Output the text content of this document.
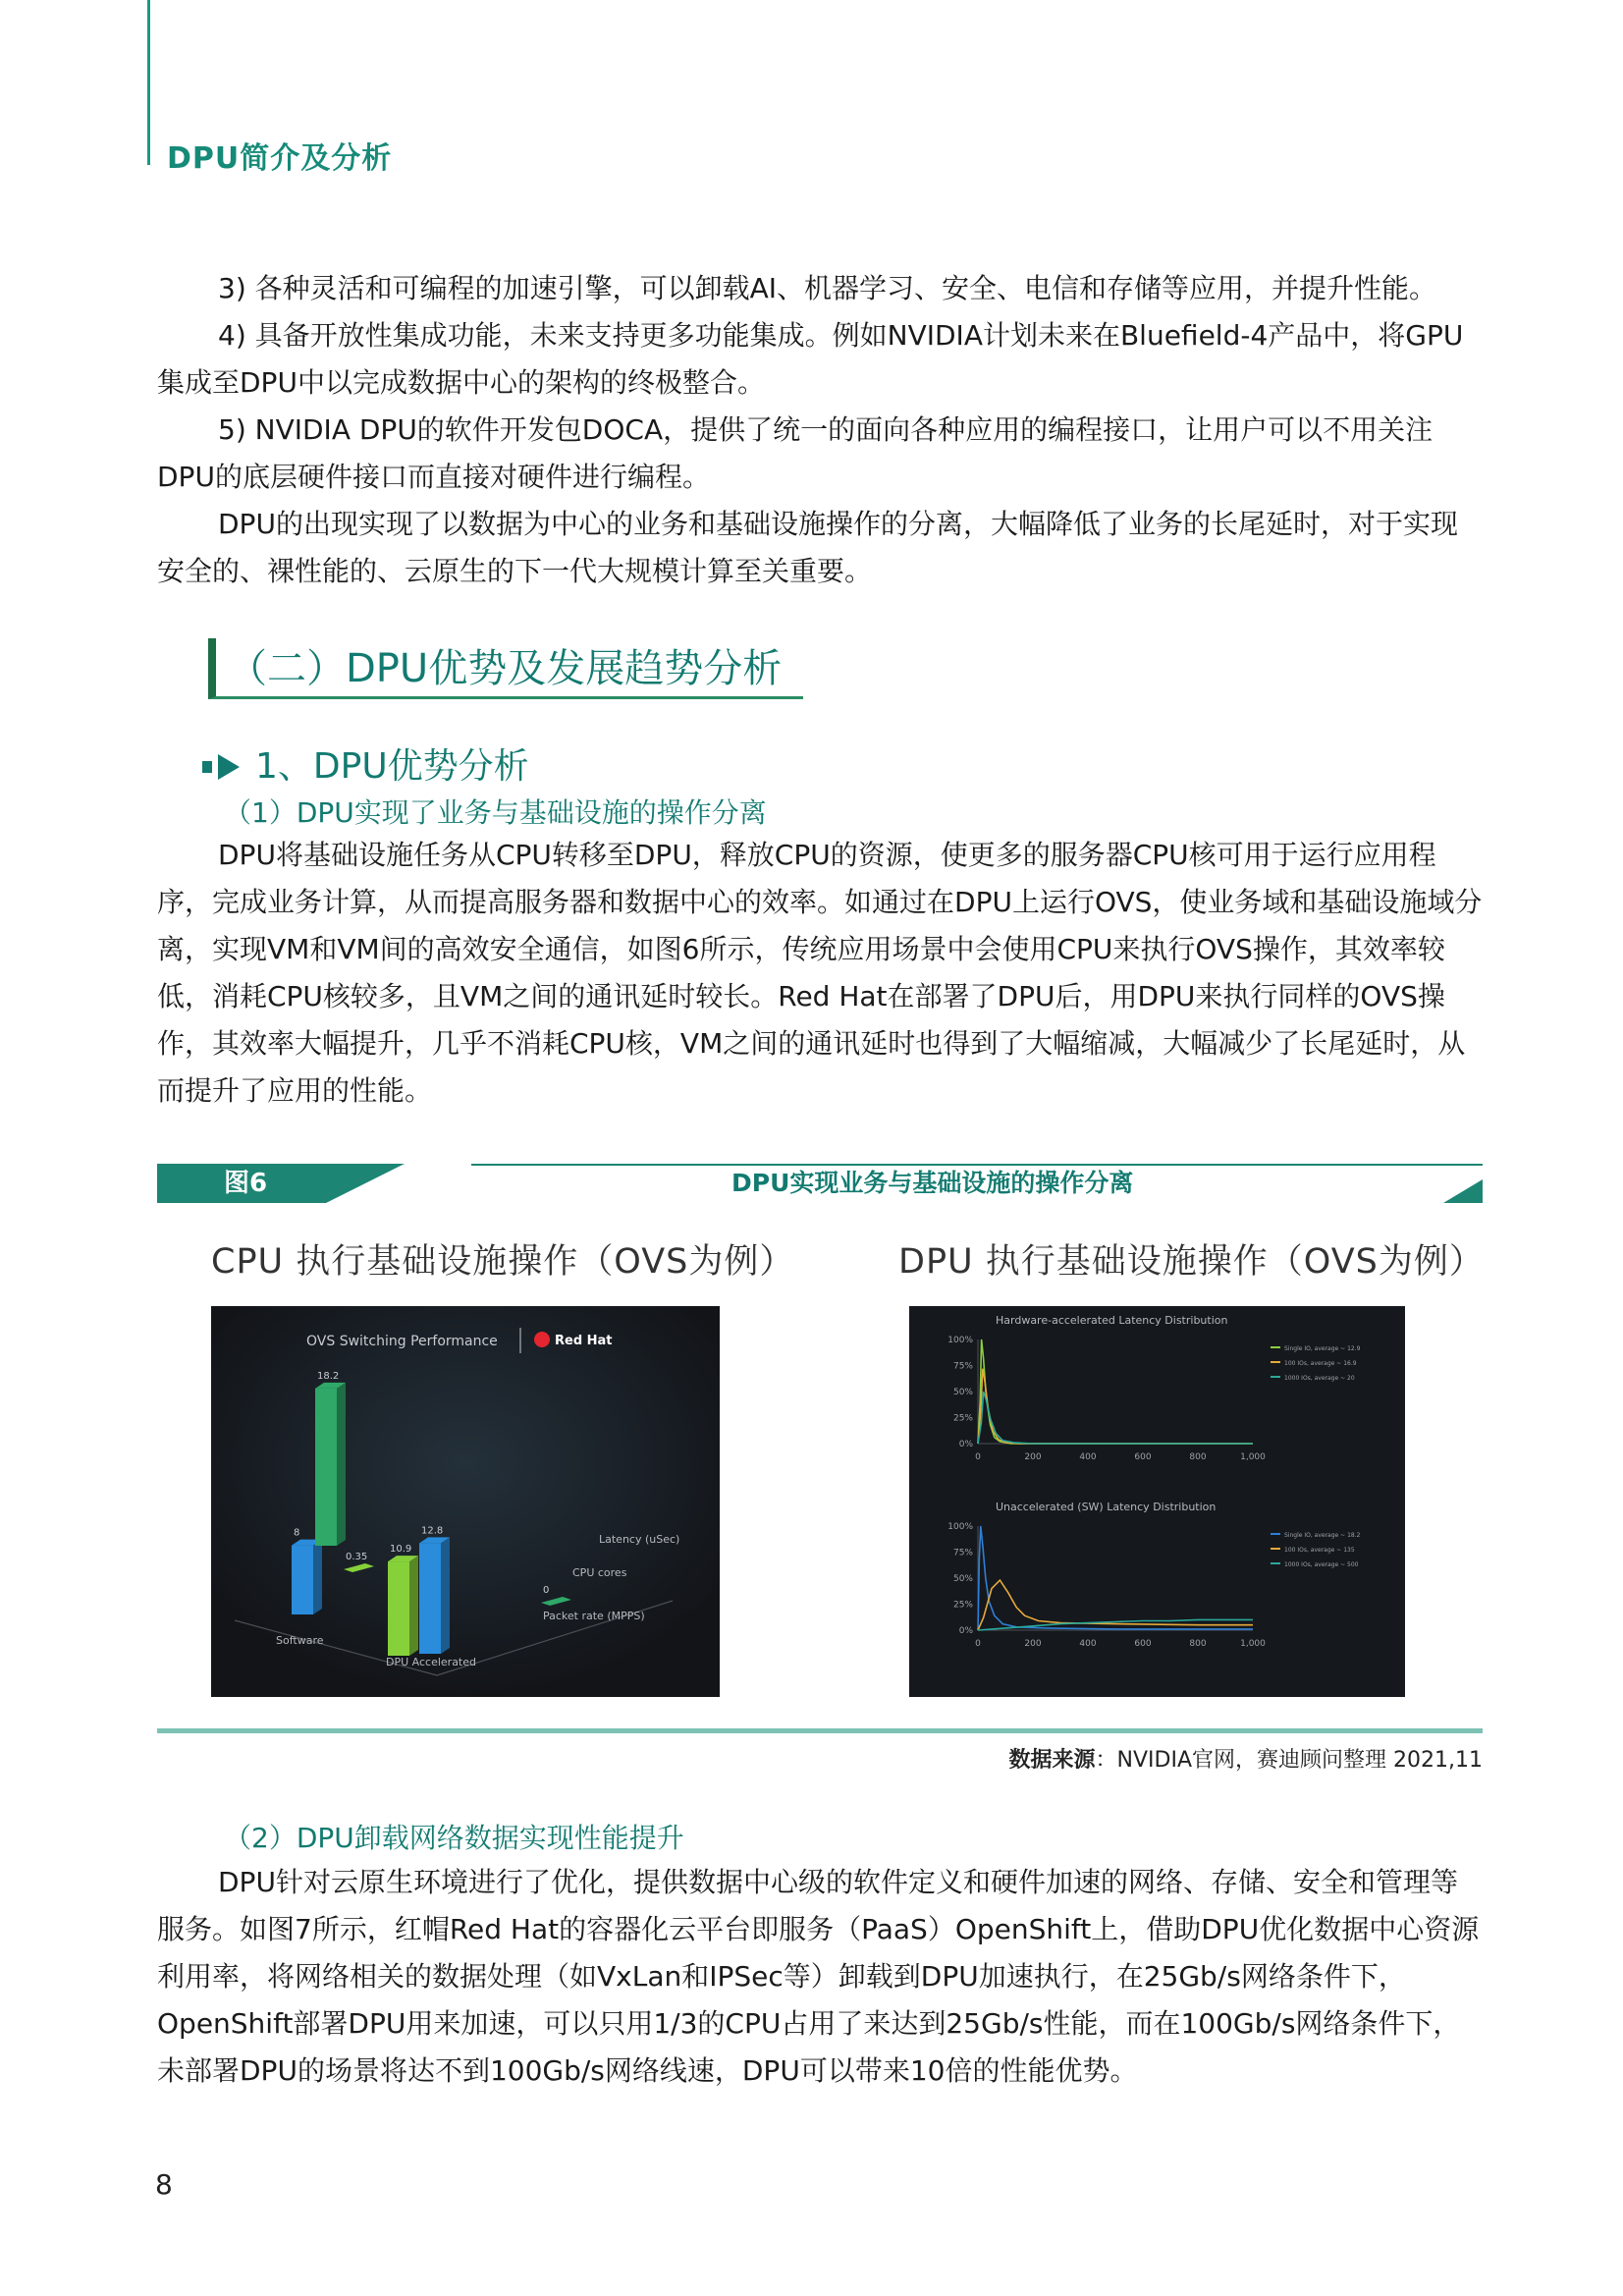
DPU简介及分析

3) 各种灵活和可编程的加速引擎，可以卸载AI、机器学习、安全、电信和存储等应用，并提升性能。

4) 具备开放性集成功能，未来支持更多功能集成。例如NVIDIA计划未来在Bluefield-4产品中，将GPU集成至DPU中以完成数据中心的架构的终极整合。

5) NVIDIA DPU的软件开发包DOCA，提供了统一的面向各种应用的编程接口，让用户可以不用关注DPU的底层硬件接口而直接对硬件进行编程。

DPU的出现实现了以数据为中心的业务和基础设施操作的分离，大幅降低了业务的长尾延时，对于实现安全的、裸性能的、云原生的下一代大规模计算至关重要。

（二）DPU优势及发展趋势分析
1、DPU优势分析
（1）DPU实现了业务与基础设施的操作分离

DPU将基础设施任务从CPU转移至DPU，释放CPU的资源，使更多的服务器CPU核可用于运行应用程序，完成业务计算，从而提高服务器和数据中心的效率。如通过在DPU上运行OVS，使业务域和基础设施域分离，实现VM和VM间的高效安全通信，如图6所示，传统应用场景中会使用CPU来执行OVS操作，其效率较低，消耗CPU核较多，且VM之间的通讯延时较长。Red Hat在部署了DPU后，用DPU来执行同样的OVS操作，其效率大幅提升，几乎不消耗CPU核，VM之间的通讯延时也得到了大幅缩减，大幅减少了长尾延时，从而提升了应用的性能。

图6	DPU实现业务与基础设施的操作分离
CPU 执行基础设施操作（OVS为例）	DPU 执行基础设施操作（OVS为例）
OVS Switching Performance	Red Hat
8
18.2
0
0.35
12.8
10.9
Latency (uSec)
CPU cores
Packet rate (MPPS)
Software
DPU Accelerated
Hardware-accelerated Latency Distribution
100%
75%
50%
25%
0%
0	200	400	600	800	1,000
Single IO, average ~ 12.9
100 IOs, average ~ 16.9
1000 IOs, average ~ 20
Unaccelerated (SW) Latency Distribution
100%
75%
50%
25%
0%
0	200	400	600	800	1,000
Single IO, average ~ 18.2
100 IOs, average ~ 135
1000 IOs, average ~ 500
数据来源：NVIDIA官网，赛迪顾问整理 2021,11
（2）DPU卸载网络数据实现性能提升

DPU针对云原生环境进行了优化，提供数据中心级的软件定义和硬件加速的网络、存储、安全和管理等服务。如图7所示，红帽Red Hat的容器化云平台即服务（PaaS）OpenShift上，借助DPU优化数据中心资源利用率，将网络相关的数据处理（如VxLan和IPSec等）卸载到DPU加速执行，在25Gb/s网络条件下，OpenShift部署DPU用来加速，可以只用1/3的CPU占用了来达到25Gb/s性能，而在100Gb/s网络条件下，未部署DPU的场景将达不到100Gb/s网络线速，DPU可以带来10倍的性能优势。

8
